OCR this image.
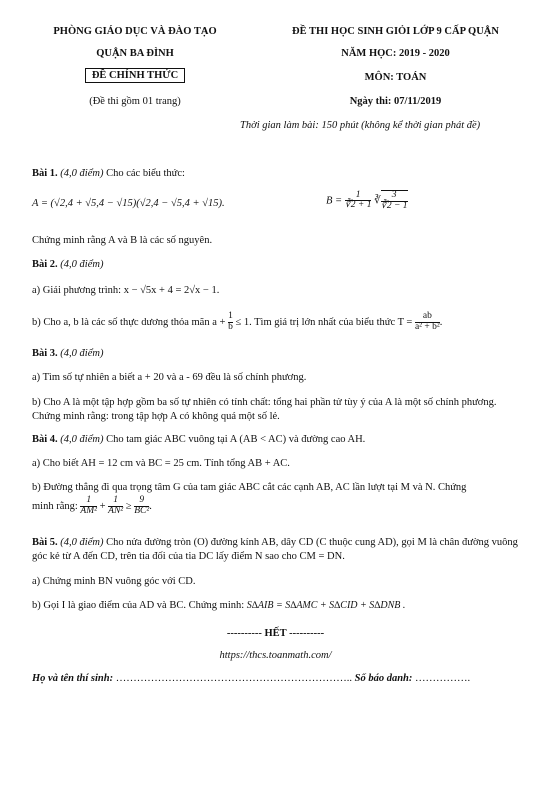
PHÒNG GIÁO DỤC VÀ ĐÀO TẠO
QUẬN BA ĐÌNH
ĐỀ CHÍNH THỨC
(Đề thi gồm 01 trang)
ĐỀ THI HỌC SINH GIỎI LỚP 9 CẤP QUẬN
NĂM HỌC: 2019 - 2020
MÔN: TOÁN
Ngày thi: 07/11/2019
Thời gian làm bài: 150 phút (không kể thời gian phát đề)
Bài 1. (4,0 điểm) Cho các biểu thức:
A = (√2,4 + √5,4 − √15)(√2,4 − √5,4 + √15).	$B = \frac{1}{∛2 + 1}$ ∛ $\frac{3}{∛2 - 1}$
Chứng minh rằng A và B là các số nguyên.
Bài 2. (4,0 điểm)
a) Giải phương trình: x − √5x + 4 = 2√x − 1.
b) Cho a, b là các số thực dương thỏa mãn $a + \frac{1}{b} \le 1$. Tìm giá trị lớn nhất của biểu thức $T = \frac{ab}{\text{a² + b²}}$ .
Bài 3. (4,0 điểm)
a) Tìm số tự nhiên a biết a + 20 và a - 69 đều là số chính phương.
b) Cho A là một tập hợp gồm ba số tự nhiên có tính chất: tổng hai phần tử tùy ý của A là một số chính phương. Chứng minh rằng: trong tập hợp A có không quá một số lẻ.
Bài 4. (4,0 điểm) Cho tam giác ABC vuông tại A (AB < AC) và đường cao AH.
a) Cho biết AH = 12 cm và BC = 25 cm. Tính tổng AB + AC.
b) Đường thẳng đi qua trọng tâm G của tam giác ABC cắt các cạnh AB, AC lần lượt tại M và N. Chứng
minh rằng: $\frac{1}{\text{AM²}} + \frac{1}{\text{AN²}} \ge \frac{9}{\text{BC²}}$ .
Bài 5. (4,0 điểm) Cho nửa đường tròn (O) đường kính AB, dây CD (C thuộc cung AD), gọi M là chân đường vuông góc kẻ từ A đến CD, trên tia đối của tia DC lấy điểm N sao cho CM = DN.
a) Chứng minh BN vuông góc với CD.
b) Gọi I là giao điểm của AD và BC. Chứng minh: S∆AIB = S∆AMC + S∆CID + S∆DNB .
---------- HẾT ----------
https://thcs.toanmath.com/
Họ và tên thí sinh: ………………………………………………………….. Số báo danh: …………….
